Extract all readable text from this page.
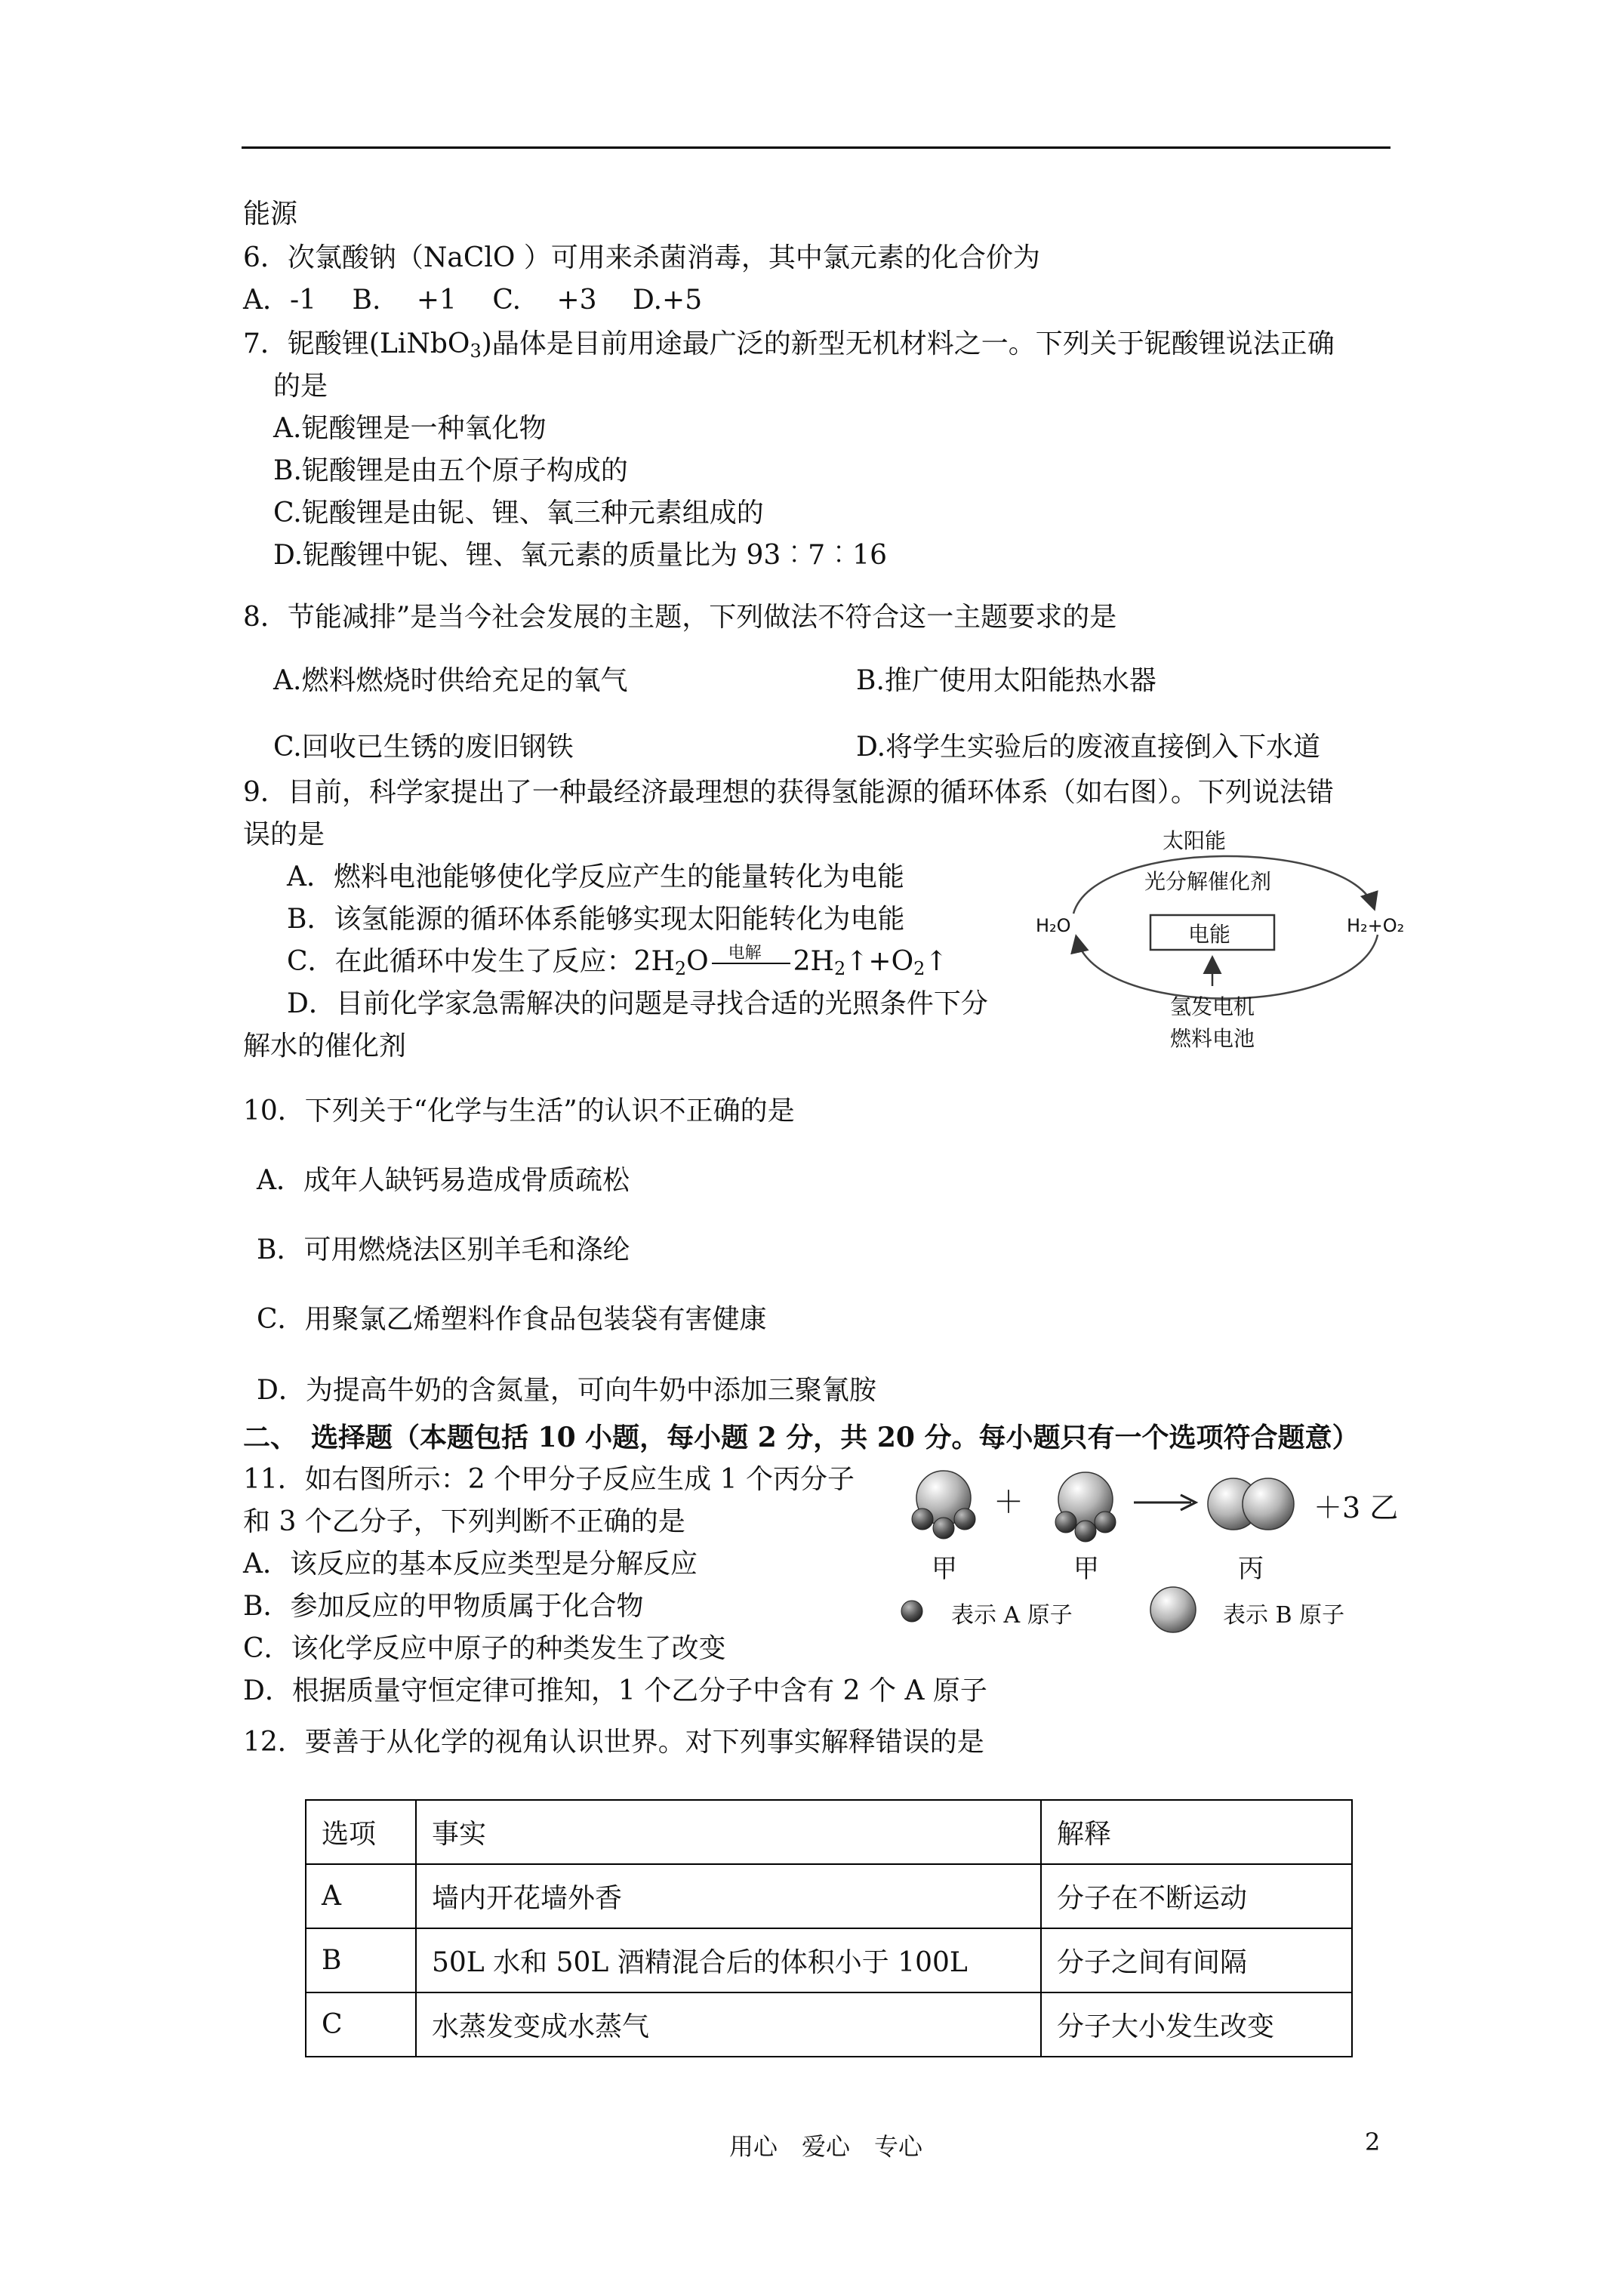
能源
6．次氯酸钠（NaClO ）可用来杀菌消毒，其中氯元素的化合价为
A．-1　 B.　 +1　 C.　 +3　 D.+5
7．铌酸锂(LiNbO$_3$)晶体是目前用途最广泛的新型无机材料之一。下列关于铌酸锂说法正确
的是
A.铌酸锂是一种氧化物
B.铌酸锂是由五个原子构成的
C.铌酸锂是由铌、锂、氧三种元素组成的
D.铌酸锂中铌、锂、氧元素的质量比为 93︰7︰16
8．节能减排”是当今社会发展的主题，下列做法不符合这一主题要求的是
A.燃料燃烧时供给充足的氧气	B.推广使用太阳能热水器
C.回收已生锈的废旧钢铁	D.将学生实验后的废液直接倒入下水道
9．目前，科学家提出了一种最经济最理想的获得氢能源的循环体系（如右图）。下列说法错
误的是
A．燃料电池能够使化学反应产生的能量转化为电能
B．该氢能源的循环体系能够实现太阳能转化为电能
C．在此循环中发生了反应：$2H_2O$ 电解 $2H_2↑+O_2↑$
D．目前化学家急需解决的问题是寻找合适的光照条件下分
解水的催化剂
太阳能
光分解催化剂
H₂O	H₂+O₂
电能
氢发电机
燃料电池
10．下列关于“化学与生活”的认识不正确的是
A．成年人缺钙易造成骨质疏松
B．可用燃烧法区别羊毛和涤纶
C．用聚氯乙烯塑料作食品包装袋有害健康
D．为提高牛奶的含氮量，可向牛奶中添加三聚氰胺
二、　选择题（本题包括 10 小题，每小题 2 分，共 20 分。每小题只有一个选项符合题意）
11．如右图所示：2 个甲分子反应生成 1 个丙分子
和 3 个乙分子，下列判断不正确的是
A．该反应的基本反应类型是分解反应
B．参加反应的甲物质属于化合物
C．该化学反应中原子的种类发生了改变
D．根据质量守恒定律可推知，1 个乙分子中含有 2 个 A 原子
＋	＋3 乙
甲	甲	丙
表示 A 原子	表示 B 原子
12．要善于从化学的视角认识世界。对下列事实解释错误的是
选项	事实	解释
A	墙内开花墙外香	分子在不断运动
B	50L 水和 50L 酒精混合后的体积小于 100L	分子之间有间隔
C	水蒸发变成水蒸气	分子大小发生改变
用心　爱心　专心	2
